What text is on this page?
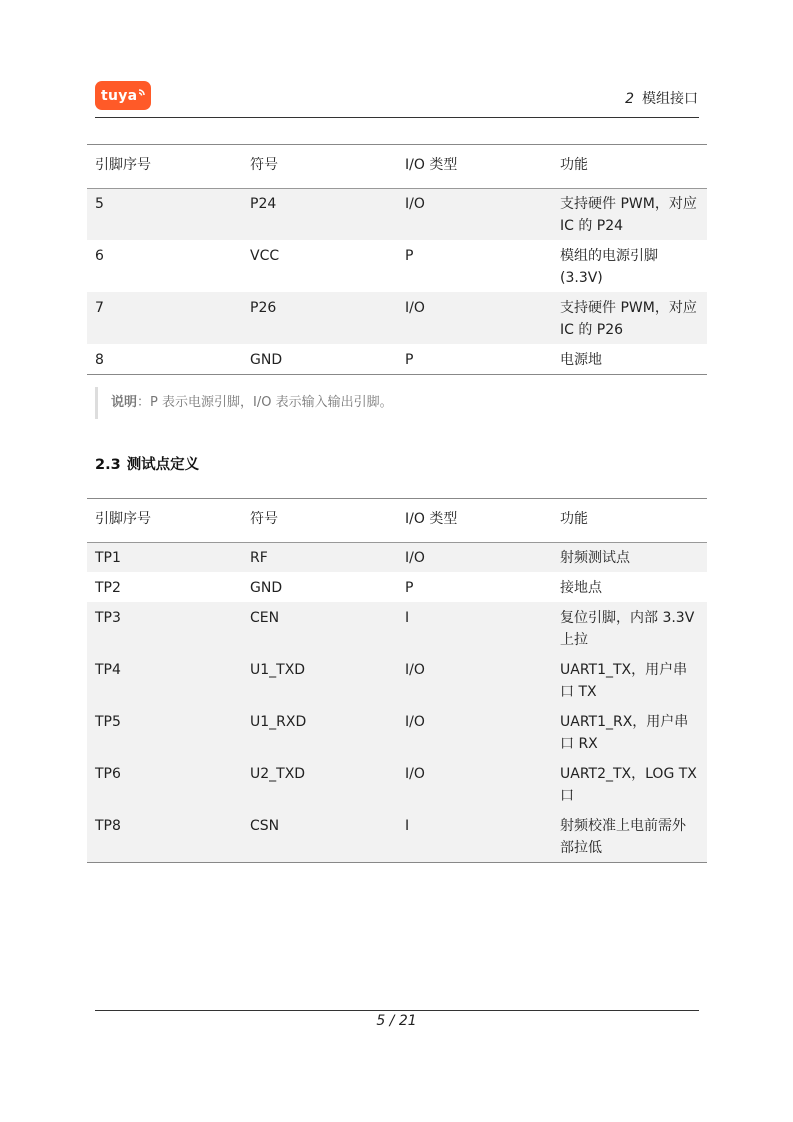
tuya	2 模组接口
引脚序号	符号	I/O 类型	功能
5	P24	I/O	支持硬件 PWM，对应 IC 的 P24
6	VCC	P	模组的电源引脚 (3.3V)
7	P26	I/O	支持硬件 PWM，对应 IC 的 P26
8	GND	P	电源地
说明：P 表示电源引脚，I/O 表示输入输出引脚。
2.3 测试点定义
引脚序号	符号	I/O 类型	功能
TP1	RF	I/O	射频测试点
TP2	GND	P	接地点
TP3	CEN	I	复位引脚，内部 3.3V 上拉
TP4	U1_TXD	I/O	UART1_TX，用户串口 TX
TP5	U1_RXD	I/O	UART1_RX，用户串口 RX
TP6	U2_TXD	I/O	UART2_TX，LOG TX 口
TP8	CSN	I	射频校准上电前需外部拉低
5 / 21
